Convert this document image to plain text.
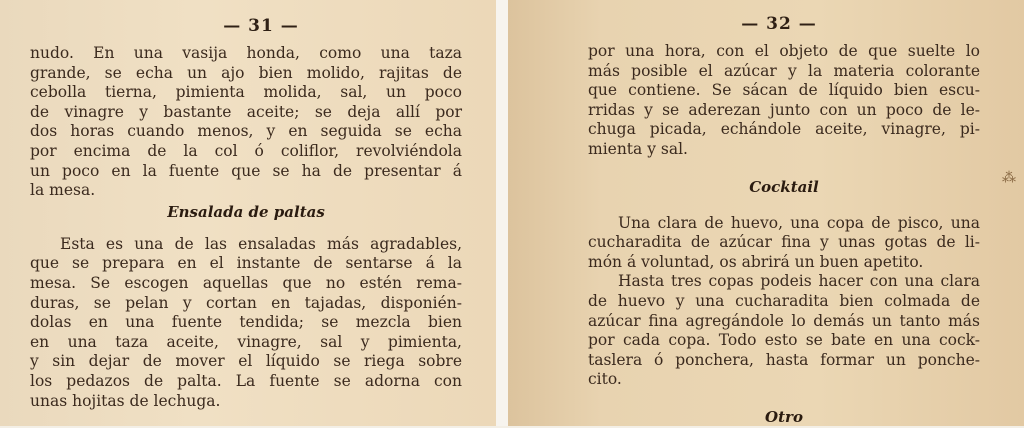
— 31 —
nudo. En una vasija honda, como una taza
grande, se echa un ajo bien molido, rajitas de
cebolla tierna, pimienta molida, sal, un poco
de vinagre y bastante aceite; se deja allí por
dos horas cuando menos, y en seguida se echa
por encima de la col ó coliflor, revolviéndola
un poco en la fuente que se ha de presentar á
la mesa.
Ensalada de paltas
Esta es una de las ensaladas más agradables,
que se prepara en el instante de sentarse á la
mesa. Se escogen aquellas que no estén rema-
duras, se pelan y cortan en tajadas, disponién-
dolas en una fuente tendida; se mezcla bien
en una taza aceite, vinagre, sal y pimienta,
y sin dejar de mover el líquido se riega sobre
los pedazos de palta. La fuente se adorna con
unas hojitas de lechuga.
— 32 —
por una hora, con el objeto de que suelte lo
más posible el azúcar y la materia colorante
que contiene. Se sácan de líquido bien escu-
rridas y se aderezan junto con un poco de le-
chuga picada, echándole aceite, vinagre, pi-
mienta y sal.
Cocktail
Una clara de huevo, una copa de pisco, una
cucharadita de azúcar fina y unas gotas de li-
món á voluntad, os abrirá un buen apetito.
Hasta tres copas podeis hacer con una clara
de huevo y una cucharadita bien colmada de
azúcar fina agregándole lo demás un tanto más
por cada copa. Todo esto se bate en una cock-
taslera ó ponchera, hasta formar un ponche-
cito.
Otro
⁂
